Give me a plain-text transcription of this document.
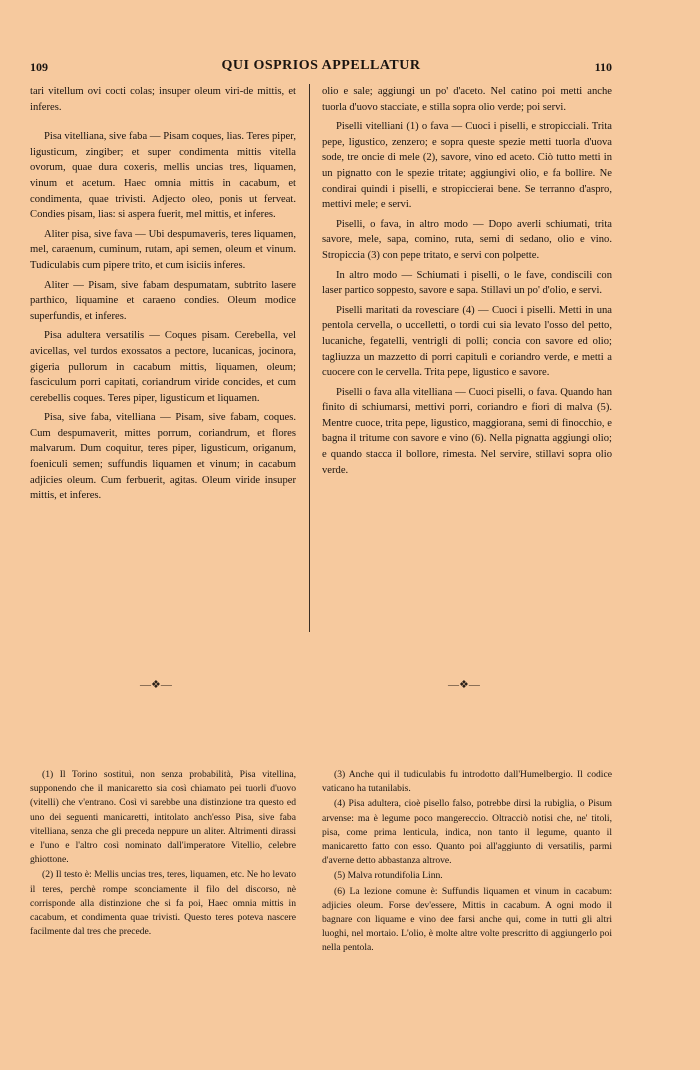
109	QUI OSPRIOS APPELLATUR	110

tari vitellum ovi cocti colas; insuper oleum viri-de mittis, et inferes.

Pisa vitelliana, sive faba — Pisam coques, lias. Teres piper, ligusticum, zingiber; et super condimenta mittis vitella ovorum, quae dura coxeris, mellis uncias tres, liquamen, vinum et acetum. Haec omnia mittis in cacabum, et condimenta, quae trivisti. Adjecto oleo, ponis ut ferveat. Condies pisam, lias: si aspera fuerit, mel mittis, et inferes.

Aliter pisa, sive fava — Ubi despumaveris, teres liquamen, mel, caraenum, cuminum, rutam, api semen, oleum et vinum. Tudiculabis cum pipere trito, et cum isiciis inferes.

Aliter — Pisam, sive fabam despumatam, subtrito lasere parthico, liquamine et caraeno condies. Oleum modice superfundis, et inferes.

Pisa adultera versatilis — Coques pisam. Cerebella, vel avicellas, vel turdos exossatos a pectore, lucanicas, jocinora, gigeria pullorum in cacabum mittis, liquamen, oleum; fasciculum porri capitati, coriandrum viride concides, et cum cerebellis coques. Teres piper, ligusticum et liquamen.

Pisa, sive faba, vitelliana — Pisam, sive fabam, coques. Cum despumaverit, mittes porrum, coriandrum, et flores malvarum. Dum coquitur, teres piper, ligusticum, origanum, foeniculi semen; suffundis liquamen et vinum; in cacabum adjicies oleum. Cum ferbuerit, agitas. Oleum viride insuper mittis, et inferes.

olio e sale; aggiungi un po' d'aceto. Nel catino poi metti anche tuorla d'uovo stacciate, e stilla sopra olio verde; poi servi.

Piselli vitelliani (1) o fava — Cuoci i piselli, e stropicciali. Trita pepe, ligustico, zenzero; e sopra queste spezie metti tuorla d'uova sode, tre oncie di mele (2), savore, vino ed aceto. Ciò tutto metti in un pignatto con le spezie tritate; aggiungivi olio, e fa bollire. Ne condirai quindi i piselli, e stropiccierai bene. Se terranno d'aspro, mettivi mele; e servi.

Piselli, o fava, in altro modo — Dopo averli schiumati, trita savore, mele, sapa, comino, ruta, semi di sedano, olio e vino. Stropiccia (3) con pepe tritato, e servi con polpette.

In altro modo — Schiumati i piselli, o le fave, condiscili con laser partico soppesto, savore e sapa. Stillavi un po' d'olio, e servi.

Piselli maritati da rovesciare (4) — Cuoci i piselli. Metti in una pentola cervella, o uccelletti, o tordi cui sia levato l'osso del petto, lucaniche, fegatelli, ventrigli di polli; concia con savore ed olio; tagliuzza un mazzetto di porri capitulì e coriandro verde, e metti a cuocere con le cervella. Trita pepe, ligustico e savore.

Piselli o fava alla vitelliana — Cuoci piselli, o fava. Quando han finito di schiumarsi, mettivi porri, coriandro e fiori di malva (5). Mentre cuoce, trita pepe, ligustico, maggiorana, semi di finocchio, e bagna il tritume con savore e vino (6). Nella pignatta aggiungi olio; e quando stacca il bollore, rimesta. Nel servire, stillavi sopra olio verde.

—❖—	—❖—

(1) Il Torino sostituì, non senza probabilità, Pisa vitellina, supponendo che il manicaretto sia così chiamato pei tuorli d'uovo (vitelli) che v'entrano. Così vi sarebbe una distinzione tra questo ed uno dei seguenti manicaretti, intitolato anch'esso Pisa, sive faba vitelliana, senza che gli preceda neppure un aliter. Altrimenti dirassi e l'uno e l'altro così nominato dall'imperatore Vitellio, celebre ghiottone.

(2) Il testo è: Mellis uncias tres, teres, liquamen, etc. Ne ho levato il teres, perchè rompe sconciamente il filo del discorso, nè corrisponde alla distinzione che si fa poi, Haec omnia mittis in cacabum, et condimenta quae trivisti. Questo teres potevа nascere facilmente dal tres che precede.

(3) Anche qui il tudiculabis fu introdotto dall'Humelbergio. Il codice vaticano ha tutanilabis.

(4) Pisa adultera, cioè pisello falso, potrebbe dirsi la rubiglia, o Pisum arvense: ma è legume poco mangereccio. Oltracciò notisi che, ne' titoli, pisa, come prima lenticula, indica, non tanto il legume, quanto il manicaretto fatto con esso. Quanto poi all'aggiunto di versatilis, parmi d'averne detto abbastanza altrove.

(5) Malva rotundifolia Linn.

(6) La lezione comune è: Suffundis liquamen et vinum in cacabum: adjicies oleum. Forse dev'essere, Mittis in cacabum. A ogni modo il bagnare con liquame e vino dee farsi anche qui, come in tutti gli altri luoghi, nel mortaio. L'olio, è molte altre volte prescritto di aggiungerlo poi nella pentola.
